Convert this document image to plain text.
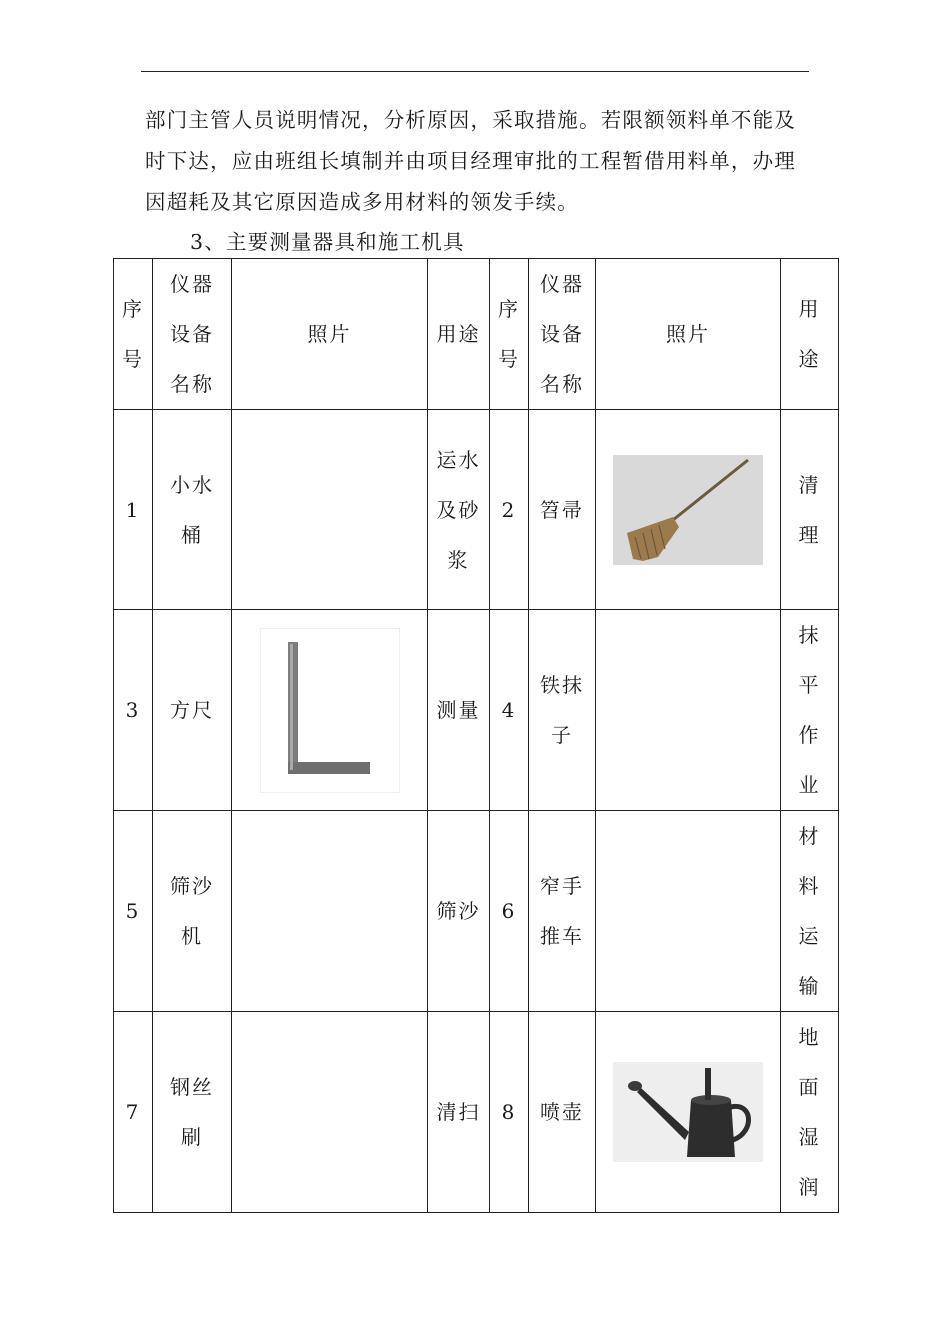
部门主管人员说明情况，分析原因，采取措施。若限额领料单不能及
时下达，应由班组长填制并由项目经理审批的工程暂借用料单，办理
因超耗及其它原因造成多用材料的领发手续。
3、主要测量器具和施工机具
序号	仪器设备名称	照片	用途	序号	仪器设备名称	照片	用途
1	小水桶		运水及砂浆	2	笤帚		清理
3	方尺		测量	4	铁抹子		抹平作业
5	筛沙机		筛沙	6	窄手推车		材料运输
7	钢丝刷		清扫	8	喷壶		地面湿润
